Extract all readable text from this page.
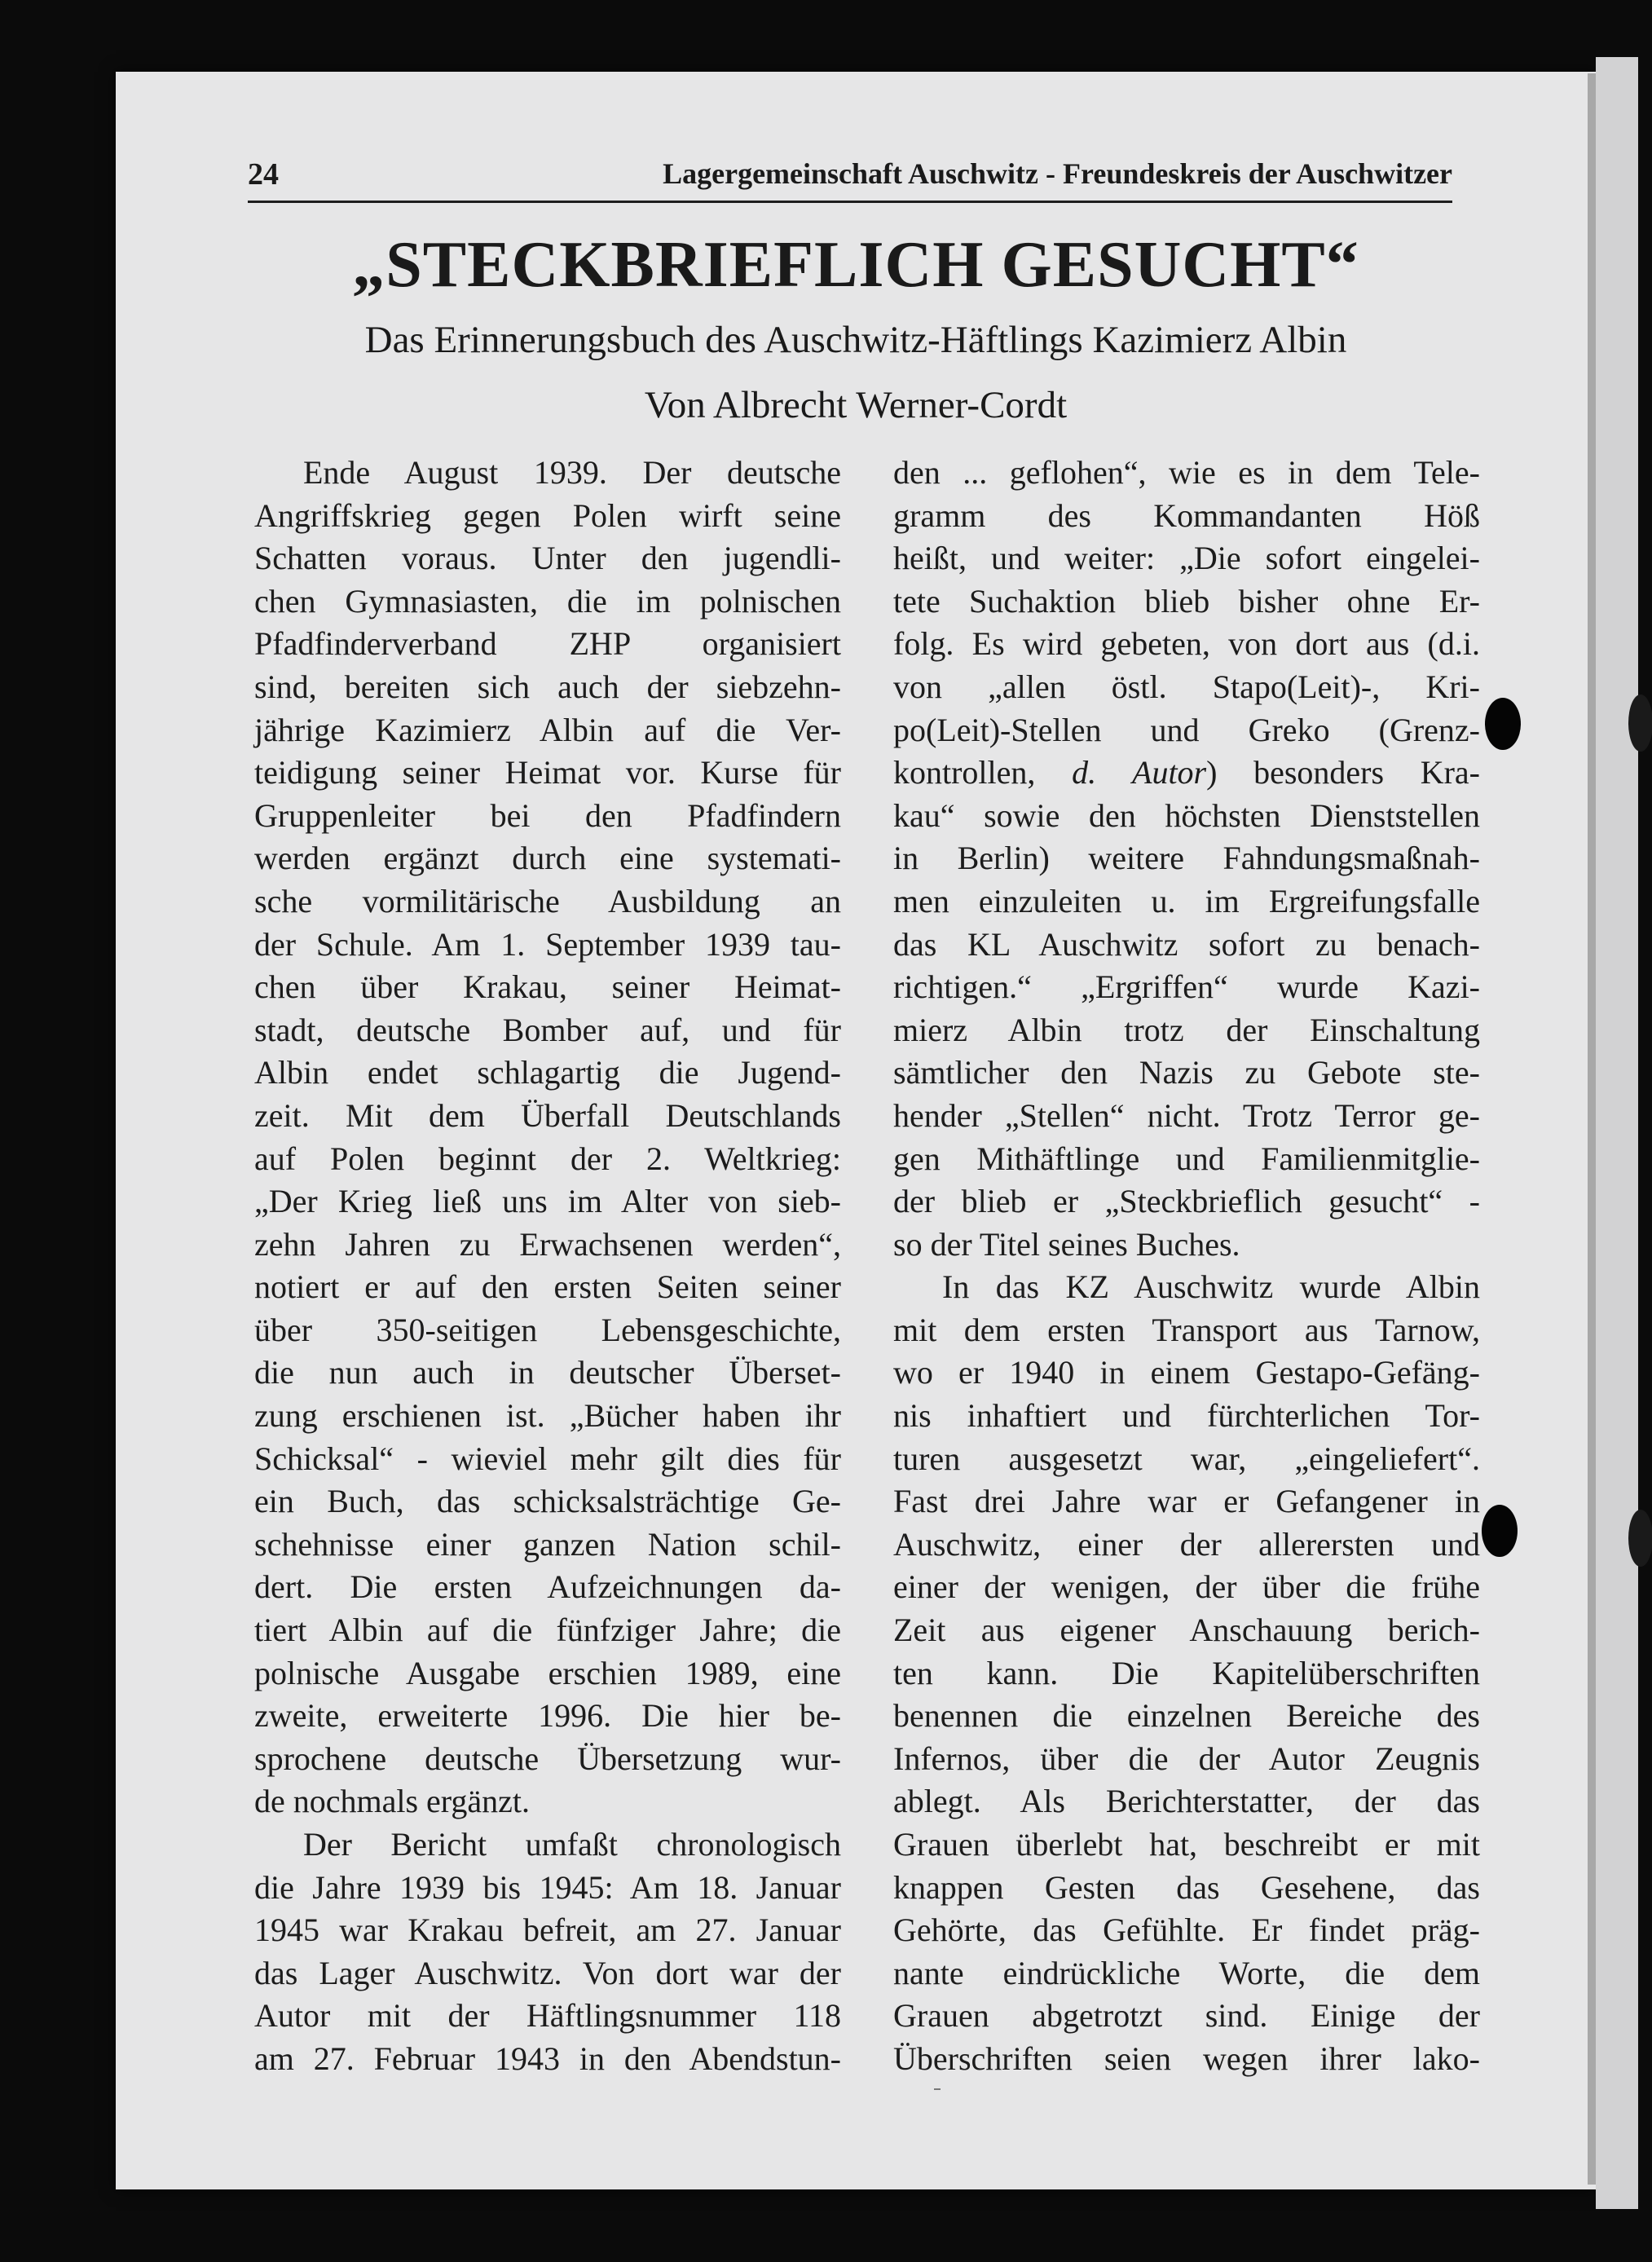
24	Lagergemeinschaft Auschwitz - Freundeskreis der Auschwitzer
„STECKBRIEFLICH GESUCHT“
Das Erinnerungsbuch des Auschwitz-Häftlings Kazimierz Albin
Von Albrecht Werner-Cordt
Ende August 1939. Der deutsche
Angriffskrieg gegen Polen wirft seine
Schatten voraus. Unter den jugendli-
chen Gymnasiasten, die im polnischen
Pfadfinderverband ZHP organisiert
sind, bereiten sich auch der siebzehn-
jährige Kazimierz Albin auf die Ver-
teidigung seiner Heimat vor. Kurse für
Gruppenleiter bei den Pfadfindern
werden ergänzt durch eine systemati-
sche vormilitärische Ausbildung an
der Schule. Am 1. September 1939 tau-
chen über Krakau, seiner Heimat-
stadt, deutsche Bomber auf, und für
Albin endet schlagartig die Jugend-
zeit. Mit dem Überfall Deutschlands
auf Polen beginnt der 2. Weltkrieg:
„Der Krieg ließ uns im Alter von sieb-
zehn Jahren zu Erwachsenen werden“,
notiert er auf den ersten Seiten seiner
über 350-seitigen Lebensgeschichte,
die nun auch in deutscher Überset-
zung erschienen ist. „Bücher haben ihr
Schicksal“ - wieviel mehr gilt dies für
ein Buch, das schicksalsträchtige Ge-
schehnisse einer ganzen Nation schil-
dert. Die ersten Aufzeichnungen da-
tiert Albin auf die fünfziger Jahre; die
polnische Ausgabe erschien 1989, eine
zweite, erweiterte 1996. Die hier be-
sprochene deutsche Übersetzung wur-
de nochmals ergänzt.
Der Bericht umfaßt chronologisch
die Jahre 1939 bis 1945: Am 18. Januar
1945 war Krakau befreit, am 27. Januar
das Lager Auschwitz. Von dort war der
Autor mit der Häftlingsnummer 118
am 27. Februar 1943 in den Abendstun-
den ... geflohen“, wie es in dem Tele-
gramm des Kommandanten Höß
heißt, und weiter: „Die sofort eingelei-
tete Suchaktion blieb bisher ohne Er-
folg. Es wird gebeten, von dort aus (d.i.
von „allen östl. Stapo(Leit)-, Kri-
po(Leit)-Stellen und Greko (Grenz-
kontrollen, d. Autor) besonders Kra-
kau“ sowie den höchsten Dienststellen
in Berlin) weitere Fahndungsmaßnah-
men einzuleiten u. im Ergreifungsfalle
das KL Auschwitz sofort zu benach-
richtigen.“ „Ergriffen“ wurde Kazi-
mierz Albin trotz der Einschaltung
sämtlicher den Nazis zu Gebote ste-
hender „Stellen“ nicht. Trotz Terror ge-
gen Mithäftlinge und Familienmitglie-
der blieb er „Steckbrieflich gesucht“ -
so der Titel seines Buches.
In das KZ Auschwitz wurde Albin
mit dem ersten Transport aus Tarnow,
wo er 1940 in einem Gestapo-Gefäng-
nis inhaftiert und fürchterlichen Tor-
turen ausgesetzt war, „eingeliefert“.
Fast drei Jahre war er Gefangener in
Auschwitz, einer der allerersten und
einer der wenigen, der über die frühe
Zeit aus eigener Anschauung berich-
ten kann. Die Kapitelüberschriften
benennen die einzelnen Bereiche des
Infernos, über die der Autor Zeugnis
ablegt. Als Berichterstatter, der das
Grauen überlebt hat, beschreibt er mit
knappen Gesten das Gesehene, das
Gehörte, das Gefühlte. Er findet präg-
nante eindrückliche Worte, die dem
Grauen abgetrotzt sind. Einige der
Überschriften seien wegen ihrer lako-
